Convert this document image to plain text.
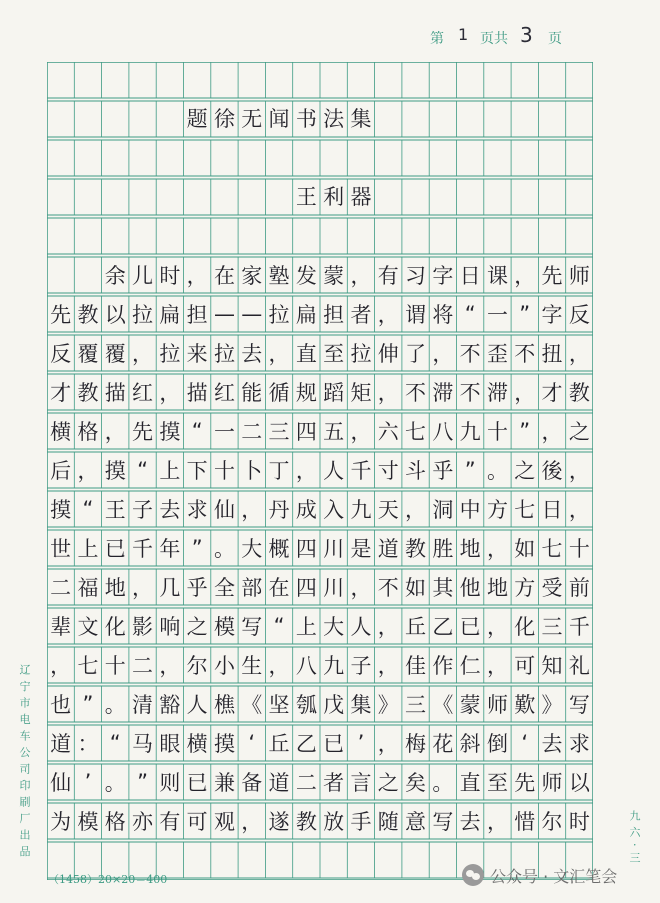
第 1 页共 3 页
题 徐 无 闻 书 法 集
王 利 器

余 儿 时 ， 在 家 塾 发 蒙 ， 有 习 字 日 课 ， 先 师
先 教 以 拉 扁 担 — — 拉 扁 担 者 ， 谓 将 “ 一 ” 字 反
反 覆 覆 ， 拉 来 拉 去 ， 直 至 拉 伸 了 ， 不 歪 不 扭 ，
才 教 描 红 ， 描 红 能 循 规 蹈 矩 ， 不 滞 不 滞 ， 才 教
横 格 ， 先 摸 “ 一 二 三 四 五 ， 六 七 八 九 十 ” ， 之
后 ， 摸 “ 上 下 十 卜 丁 ， 人 千 寸 斗 乎 ” 。 之 後 ，
摸 “ 王 子 去 求 仙 ， 丹 成 入 九 天 ， 洞 中 方 七 日 ，
世 上 已 千 年 ” 。 大 概 四 川 是 道 教 胜 地 ， 如 七 十
二 福 地 ， 几 乎 全 部 在 四 川 ， 不 如 其 他 地 方 受 前
辈 文 化 影 响 之 模 写 “ 上 大 人 ， 丘 乙 已 ， 化 三 千
， 七 十 二 ， 尔 小 生 ， 八 九 子 ， 佳 作 仁 ， 可 知 礼
也 ” 。 清 豁 人 樵 《 坚 瓠 戊 集 》 三 《 蒙 师 歎 》 写
道 ： “ 马 眼 横 摸 ‘ 丘 乙 已 ’ ， 梅 花 斜 倒 ‘ 去 求
仙 ’ 。 ” 则 已 兼 备 道 二 者 言 之 矣 。 直 至 先 师 以
为 模 格 亦 有 可 观 ， 遂 教 放 手 随 意 写 去 ， 惜 尔 时
辽 宁 市 电 车 公 司 印 刷 厂 出 品	九 六 · 三
（1458）20×20＝400	公众号 · 文汇笔会
